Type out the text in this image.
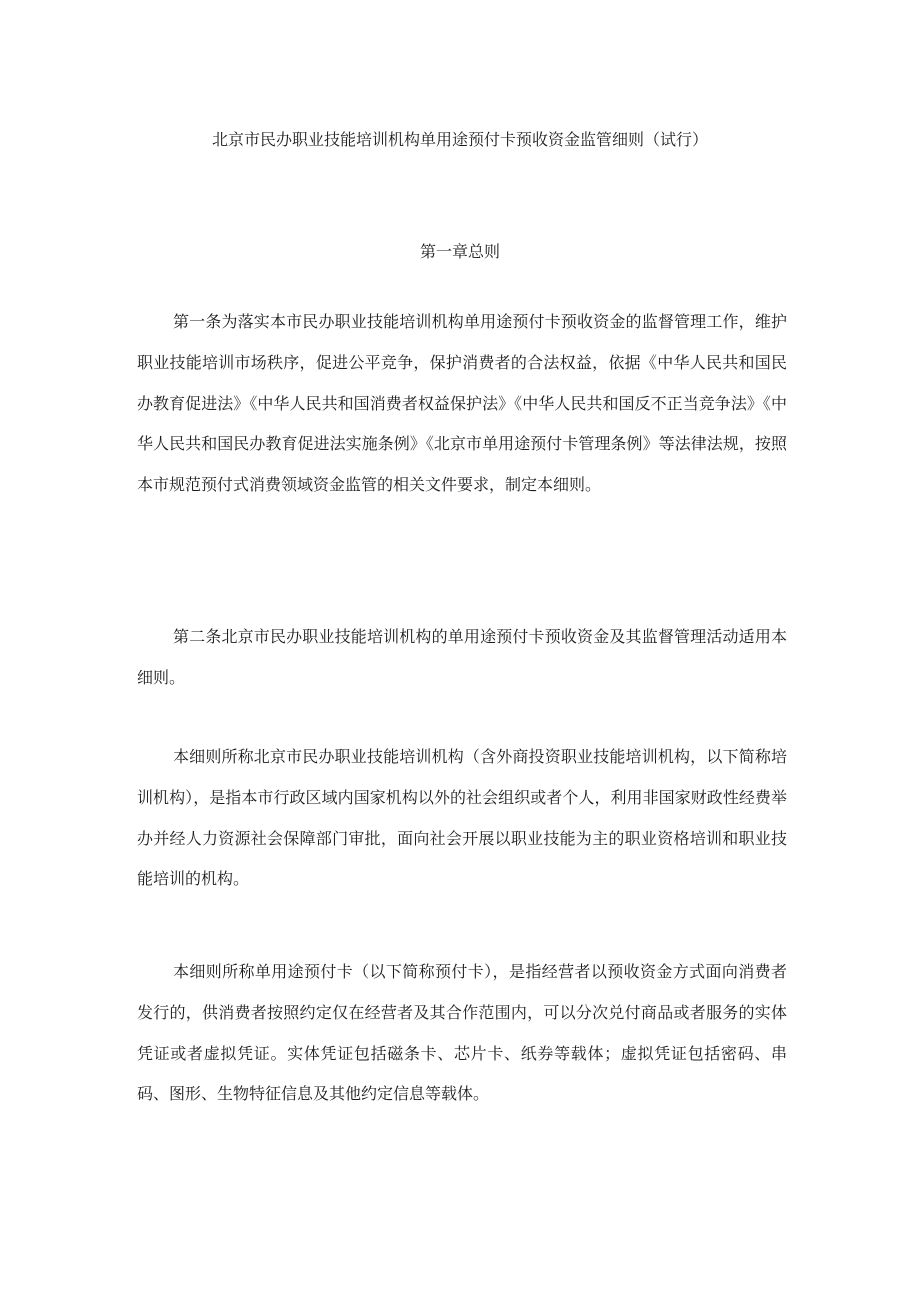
北京市民办职业技能培训机构单用途预付卡预收资金监管细则（试行）
第一章总则

第一条为落实本市民办职业技能培训机构单用途预付卡预收资金的监督管理工作，维护职业技能培训市场秩序，促进公平竞争，保护消费者的合法权益，依据《中华人民共和国民办教育促进法》《中华人民共和国消费者权益保护法》《中华人民共和国反不正当竞争法》《中华人民共和国民办教育促进法实施条例》《北京市单用途预付卡管理条例》等法律法规，按照本市规范预付式消费领域资金监管的相关文件要求，制定本细则。

第二条北京市民办职业技能培训机构的单用途预付卡预收资金及其监督管理活动适用本细则。

本细则所称北京市民办职业技能培训机构（含外商投资职业技能培训机构，以下简称培训机构），是指本市行政区域内国家机构以外的社会组织或者个人，利用非国家财政性经费举办并经人力资源社会保障部门审批，面向社会开展以职业技能为主的职业资格培训和职业技能培训的机构。

本细则所称单用途预付卡（以下简称预付卡），是指经营者以预收资金方式面向消费者发行的，供消费者按照约定仅在经营者及其合作范围内，可以分次兑付商品或者服务的实体凭证或者虚拟凭证。实体凭证包括磁条卡、芯片卡、纸券等载体；虚拟凭证包括密码、串码、图形、生物特征信息及其他约定信息等载体。
